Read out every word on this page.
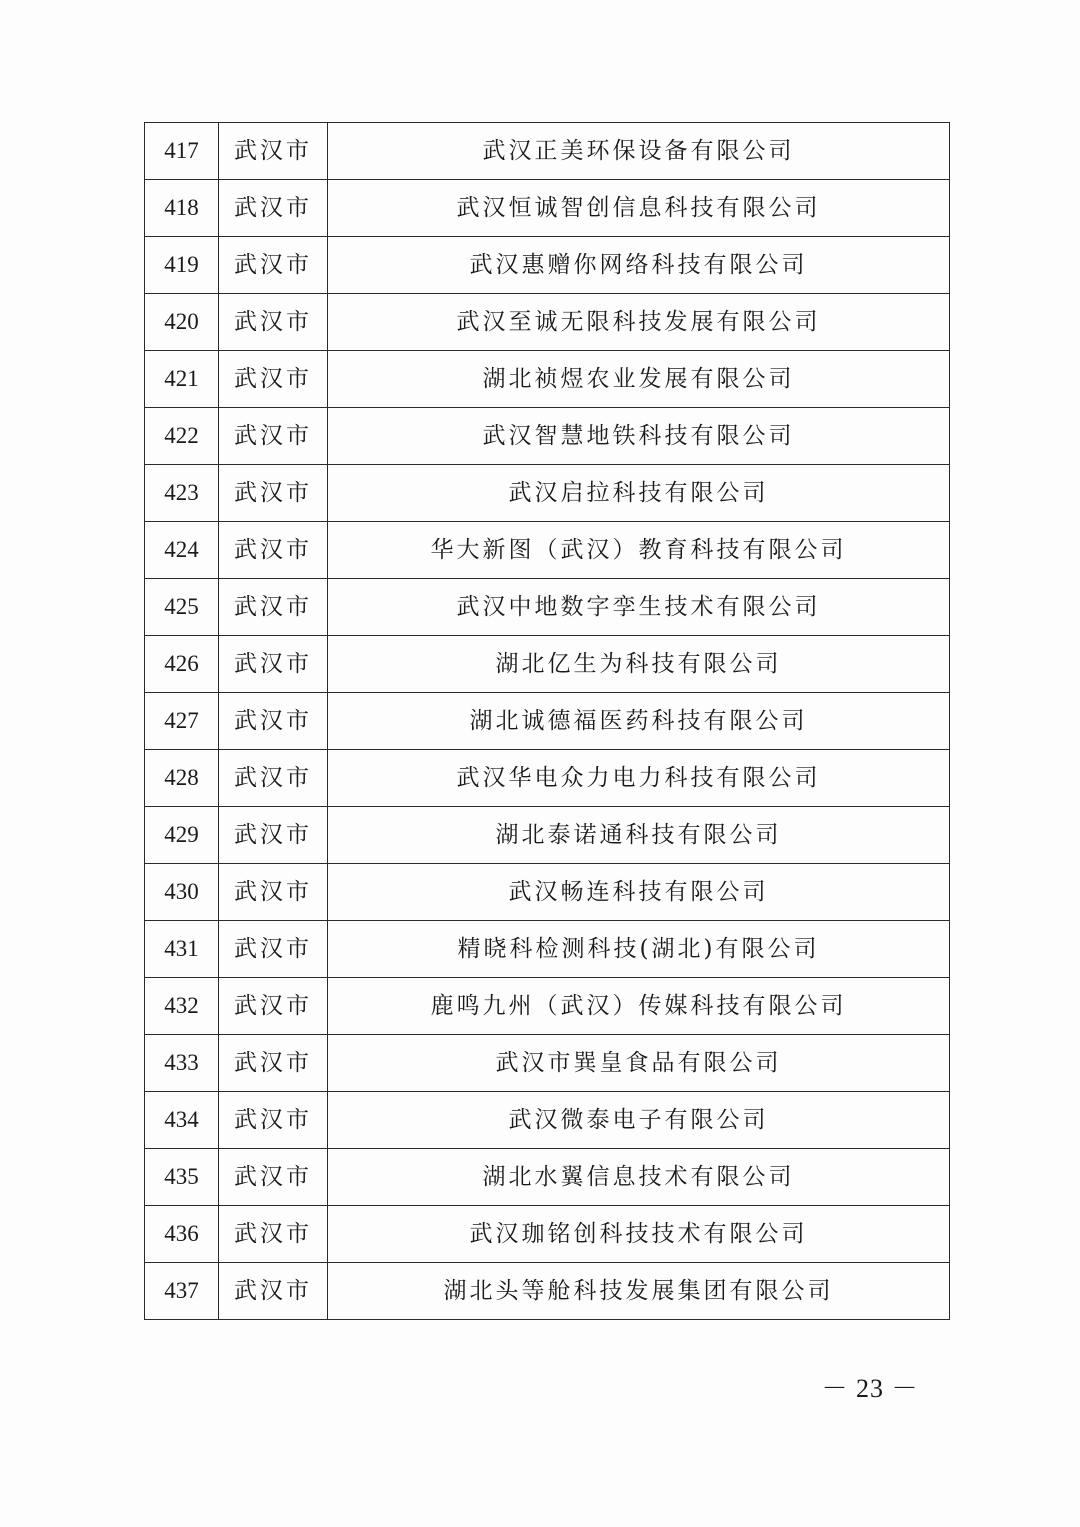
417	武汉市	武汉正美环保设备有限公司
418	武汉市	武汉恒诚智创信息科技有限公司
419	武汉市	武汉惠赠你网络科技有限公司
420	武汉市	武汉至诚无限科技发展有限公司
421	武汉市	湖北祯煜农业发展有限公司
422	武汉市	武汉智慧地铁科技有限公司
423	武汉市	武汉启拉科技有限公司
424	武汉市	华大新图（武汉）教育科技有限公司
425	武汉市	武汉中地数字孪生技术有限公司
426	武汉市	湖北亿生为科技有限公司
427	武汉市	湖北诚德福医药科技有限公司
428	武汉市	武汉华电众力电力科技有限公司
429	武汉市	湖北泰诺通科技有限公司
430	武汉市	武汉畅连科技有限公司
431	武汉市	精晓科检测科技(湖北)有限公司
432	武汉市	鹿鸣九州（武汉）传媒科技有限公司
433	武汉市	武汉市巽皇食品有限公司
434	武汉市	武汉微泰电子有限公司
435	武汉市	湖北水翼信息技术有限公司
436	武汉市	武汉珈铭创科技技术有限公司
437	武汉市	湖北头等舱科技发展集团有限公司
－ 23 －
